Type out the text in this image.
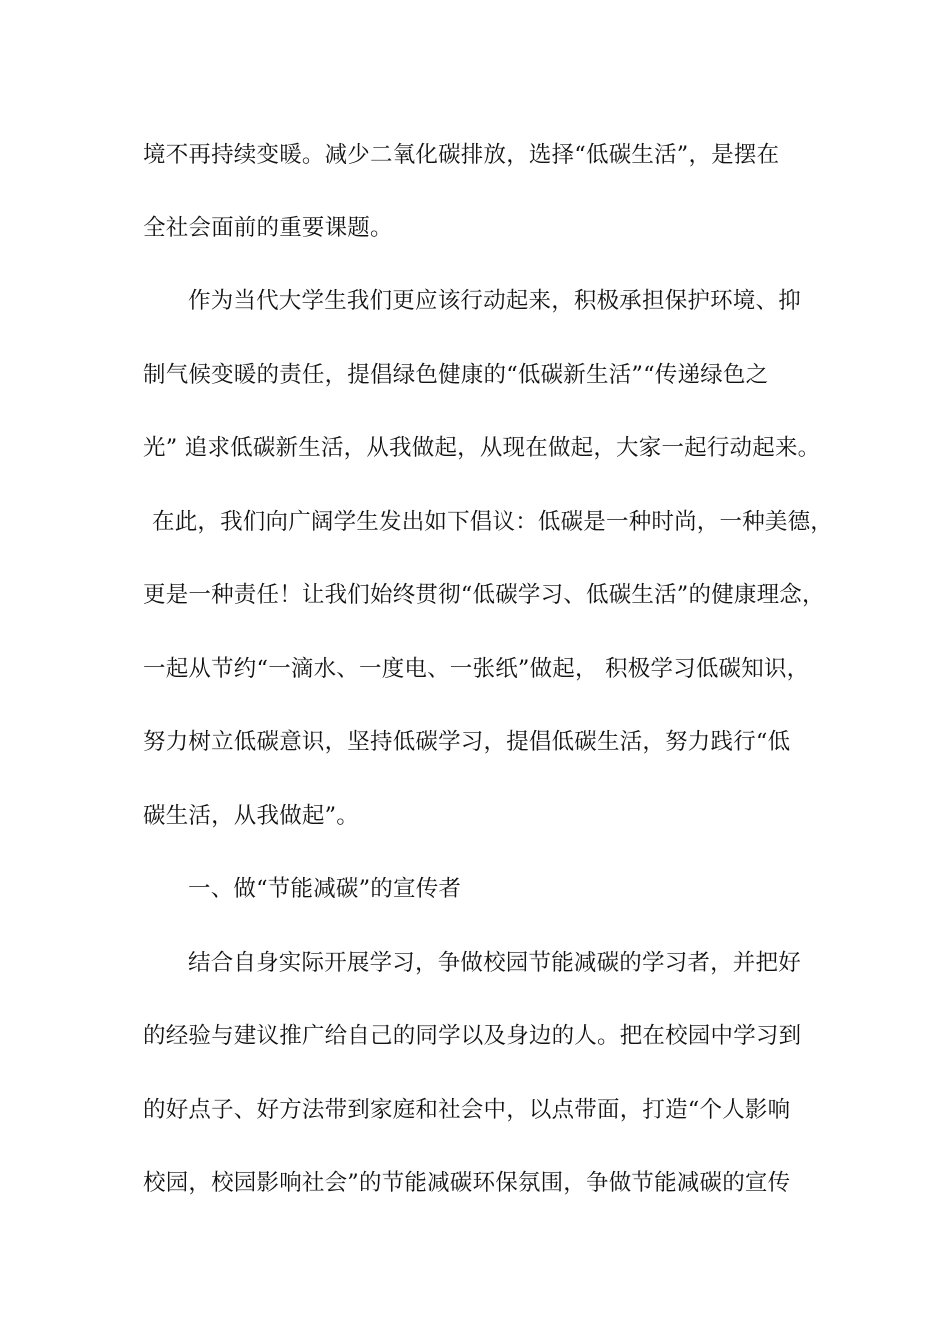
境不再持续变暖。减少二氧化碳排放，选择“低碳生活”，是摆在
全社会面前的重要课题。
作为当代大学生我们更应该行动起来，积极承担保护环境、抑
制气候变暖的责任，提倡绿色健康的“低碳新生活”“传递绿色之
光” 追求低碳新生活，从我做起，从现在做起，大家一起行动起来。
在此，我们向广阔学生发出如下倡议：低碳是一种时尚，一种美德，
更是一种责任！让我们始终贯彻“低碳学习、低碳生活”的健康理念，
一起从节约“一滴水、一度电、一张纸”做起， 积极学习低碳知识，
努力树立低碳意识，坚持低碳学习，提倡低碳生活，努力践行“低
碳生活，从我做起”。
一、做“节能减碳”的宣传者
结合自身实际开展学习，争做校园节能减碳的学习者，并把好
的经验与建议推广给自己的同学以及身边的人。把在校园中学习到
的好点子、好方法带到家庭和社会中，以点带面，打造“个人影响
校园，校园影响社会”的节能减碳环保氛围，争做节能减碳的宣传
